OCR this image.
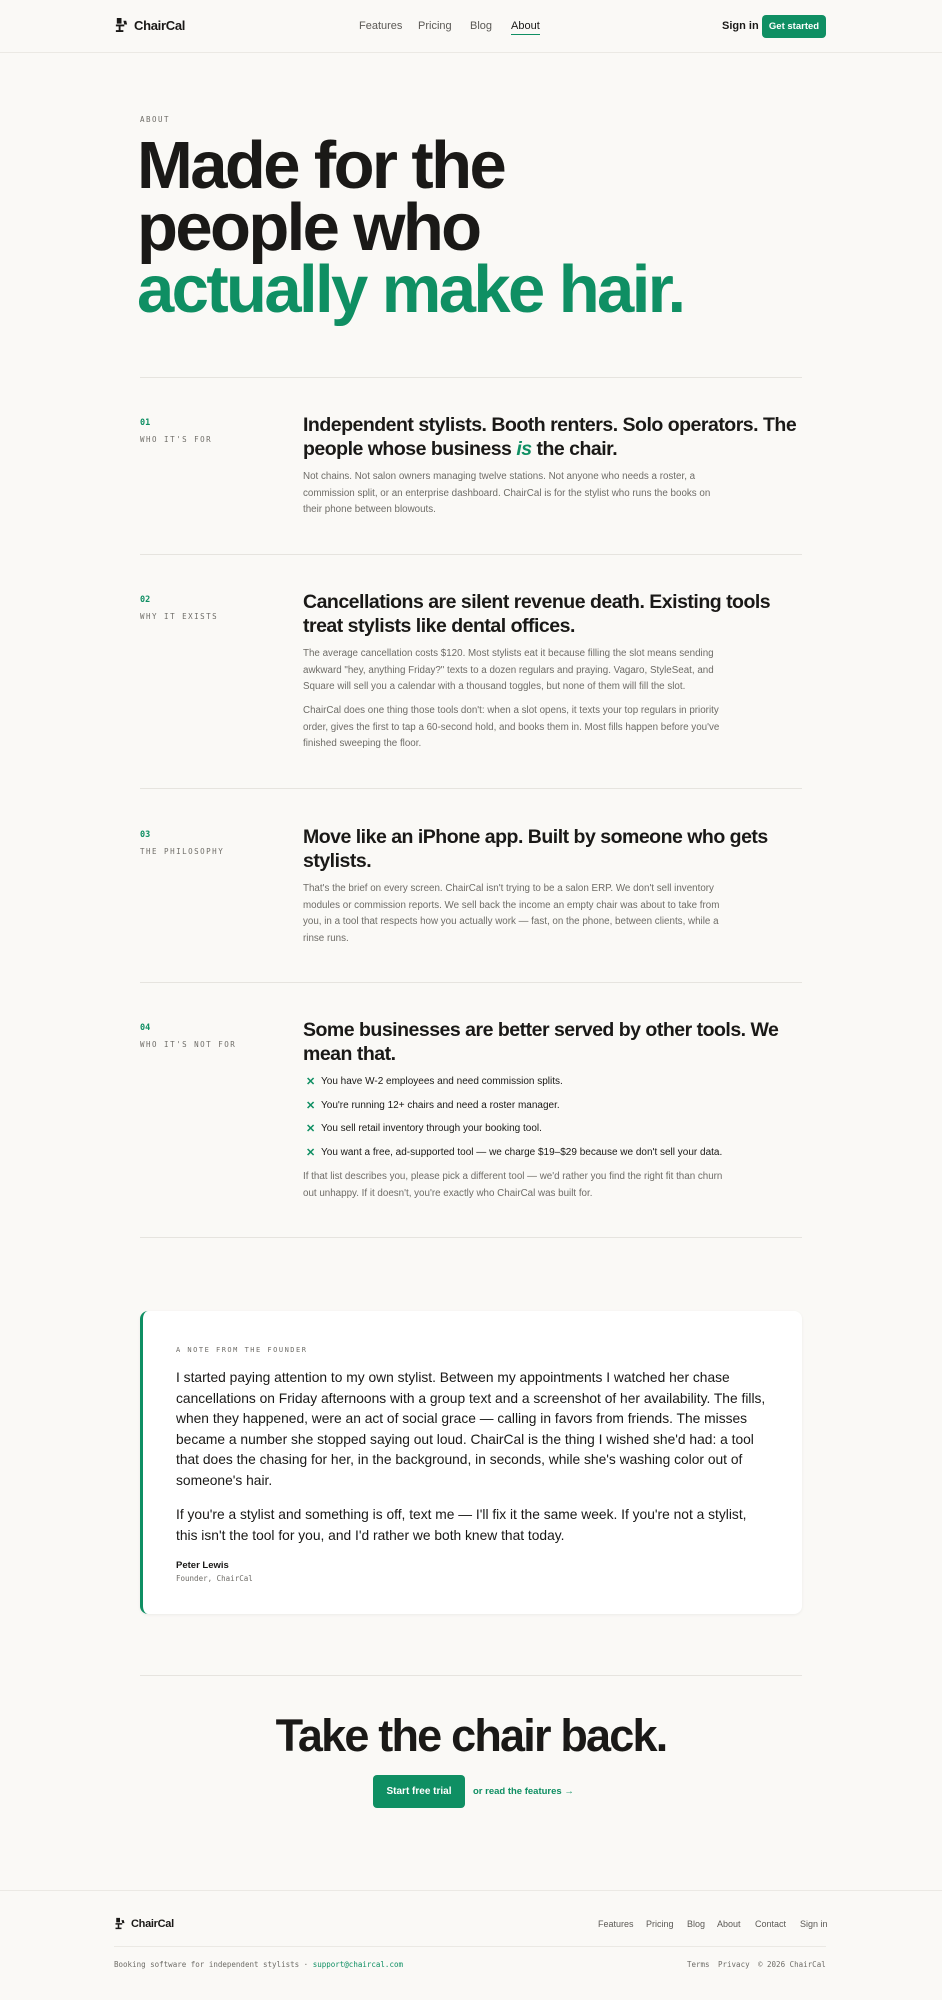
ChairCal	Features Pricing Blog About	Sign in	Get started
ABOUT
Made for the
people who
actually make hair.
01
WHO IT'S FOR
Independent stylists. Booth renters. Solo operators. The people whose business is the chair.
Not chains. Not salon owners managing twelve stations. Not anyone who needs a roster, a commission split, or an enterprise dashboard. ChairCal is for the stylist who runs the books on their phone between blowouts.
02
WHY IT EXISTS
Cancellations are silent revenue death. Existing tools treat stylists like dental offices.
The average cancellation costs $120. Most stylists eat it because filling the slot means sending awkward "hey, anything Friday?" texts to a dozen regulars and praying. Vagaro, StyleSeat, and Square will sell you a calendar with a thousand toggles, but none of them will fill the slot.
ChairCal does one thing those tools don't: when a slot opens, it texts your top regulars in priority order, gives the first to tap a 60-second hold, and books them in. Most fills happen before you've finished sweeping the floor.
03
THE PHILOSOPHY
Move like an iPhone app. Built by someone who gets stylists.
That's the brief on every screen. ChairCal isn't trying to be a salon ERP. We don't sell inventory modules or commission reports. We sell back the income an empty chair was about to take from you, in a tool that respects how you actually work — fast, on the phone, between clients, while a rinse runs.
04
WHO IT'S NOT FOR
Some businesses are better served by other tools. We mean that.
✕ You have W-2 employees and need commission splits.
✕ You're running 12+ chairs and need a roster manager.
✕ You sell retail inventory through your booking tool.
✕ You want a free, ad-supported tool — we charge $19–$29 because we don't sell your data.
If that list describes you, please pick a different tool — we'd rather you find the right fit than churn out unhappy. If it doesn't, you're exactly who ChairCal was built for.
A NOTE FROM THE FOUNDER
I started paying attention to my own stylist. Between my appointments I watched her chase cancellations on Friday afternoons with a group text and a screenshot of her availability. The fills, when they happened, were an act of social grace — calling in favors from friends. The misses became a number she stopped saying out loud. ChairCal is the thing I wished she'd had: a tool that does the chasing for her, in the background, in seconds, while she's washing color out of someone's hair.
If you're a stylist and something is off, text me — I'll fix it the same week. If you're not a stylist, this isn't the tool for you, and I'd rather we both knew that today.
Peter Lewis
Founder, ChairCal
Take the chair back.
Start free trial	or read the features →
ChairCal	Features Pricing Blog About Contact Sign in
Booking software for independent stylists · support@chaircal.com	Terms Privacy © 2026 ChairCal
